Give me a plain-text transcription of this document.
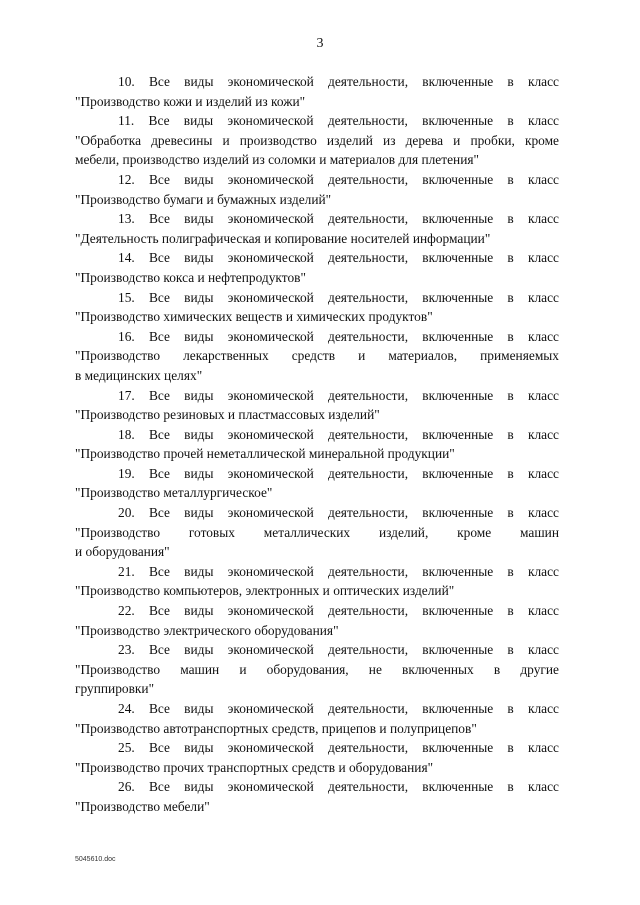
3

10. Все виды экономической деятельности, включенные в класс

"Производство кожи и изделий из кожи"

11. Все виды экономической деятельности, включенные в класс

"Обработка древесины и производство изделий из дерева и пробки, кроме

мебели, производство изделий из соломки и материалов для плетения"

12. Все виды экономической деятельности, включенные в класс

"Производство бумаги и бумажных изделий"

13. Все виды экономической деятельности, включенные в класс

"Деятельность полиграфическая и копирование носителей информации"

14. Все виды экономической деятельности, включенные в класс

"Производство кокса и нефтепродуктов"

15. Все виды экономической деятельности, включенные в класс

"Производство химических веществ и химических продуктов"

16. Все виды экономической деятельности, включенные в класс

"Производство лекарственных средств и материалов, применяемых

в медицинских целях"

17. Все виды экономической деятельности, включенные в класс

"Производство резиновых и пластмассовых изделий"

18. Все виды экономической деятельности, включенные в класс

"Производство прочей неметаллической минеральной продукции"

19. Все виды экономической деятельности, включенные в класс

"Производство металлургическое"

20. Все виды экономической деятельности, включенные в класс

"Производство готовых металлических изделий, кроме машин

и оборудования"

21. Все виды экономической деятельности, включенные в класс

"Производство компьютеров, электронных и оптических изделий"

22. Все виды экономической деятельности, включенные в класс

"Производство электрического оборудования"

23. Все виды экономической деятельности, включенные в класс

"Производство машин и оборудования, не включенных в другие

группировки"

24. Все виды экономической деятельности, включенные в класс

"Производство автотранспортных средств, прицепов и полуприцепов"

25. Все виды экономической деятельности, включенные в класс

"Производство прочих транспортных средств и оборудования"

26. Все виды экономической деятельности, включенные в класс

"Производство мебели"

5045610.doc
